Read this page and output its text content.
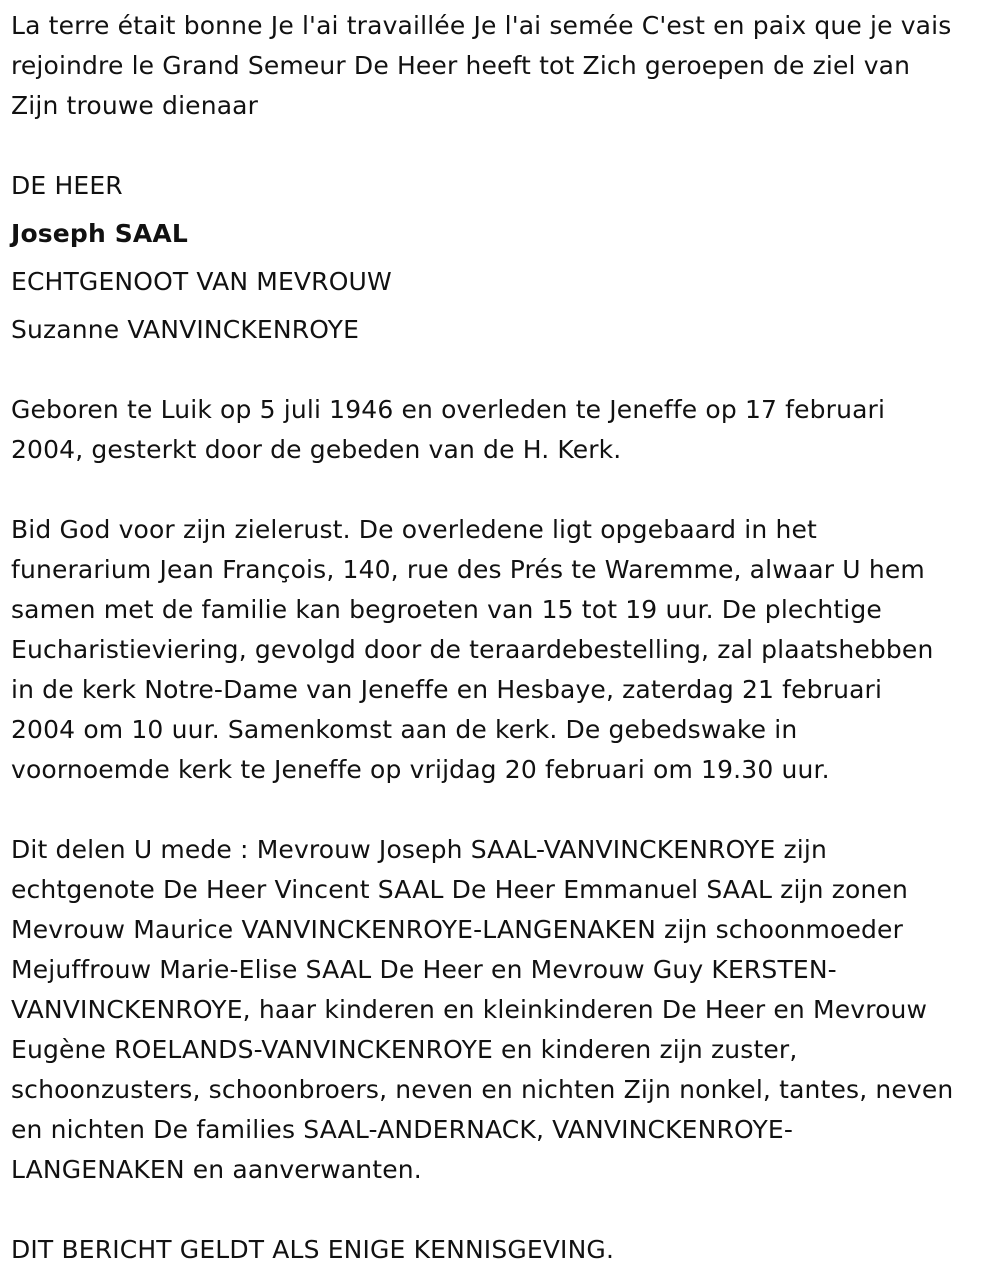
La terre était bonne Je l'ai travaillée Je l'ai semée C'est en paix que je vais
rejoindre le Grand Semeur De Heer heeft tot Zich geroepen de ziel van
Zijn trouwe dienaar
DE HEER
Joseph SAAL
ECHTGENOOT VAN MEVROUW
Suzanne VANVINCKENROYE
Geboren te Luik op 5 juli 1946 en overleden te Jeneffe op 17 februari
2004, gesterkt door de gebeden van de H. Kerk.
Bid God voor zijn zielerust. De overledene ligt opgebaard in het
funerarium Jean François, 140, rue des Prés te Waremme, alwaar U hem
samen met de familie kan begroeten van 15 tot 19 uur. De plechtige
Eucharistieviering, gevolgd door de teraardebestelling, zal plaatshebben
in de kerk Notre-Dame van Jeneffe en Hesbaye, zaterdag 21 februari
2004 om 10 uur. Samenkomst aan de kerk. De gebedswake in
voornoemde kerk te Jeneffe op vrijdag 20 februari om 19.30 uur.
Dit delen U mede : Mevrouw Joseph SAAL-VANVINCKENROYE zijn
echtgenote De Heer Vincent SAAL De Heer Emmanuel SAAL zijn zonen
Mevrouw Maurice VANVINCKENROYE-LANGENAKEN zijn schoonmoeder
Mejuffrouw Marie-Elise SAAL De Heer en Mevrouw Guy KERSTEN-
VANVINCKENROYE, haar kinderen en kleinkinderen De Heer en Mevrouw
Eugène ROELANDS-VANVINCKENROYE en kinderen zijn zuster,
schoonzusters, schoonbroers, neven en nichten Zijn nonkel, tantes, neven
en nichten De families SAAL-ANDERNACK, VANVINCKENROYE-
LANGENAKEN en aanverwanten.
DIT BERICHT GELDT ALS ENIGE KENNISGEVING.
